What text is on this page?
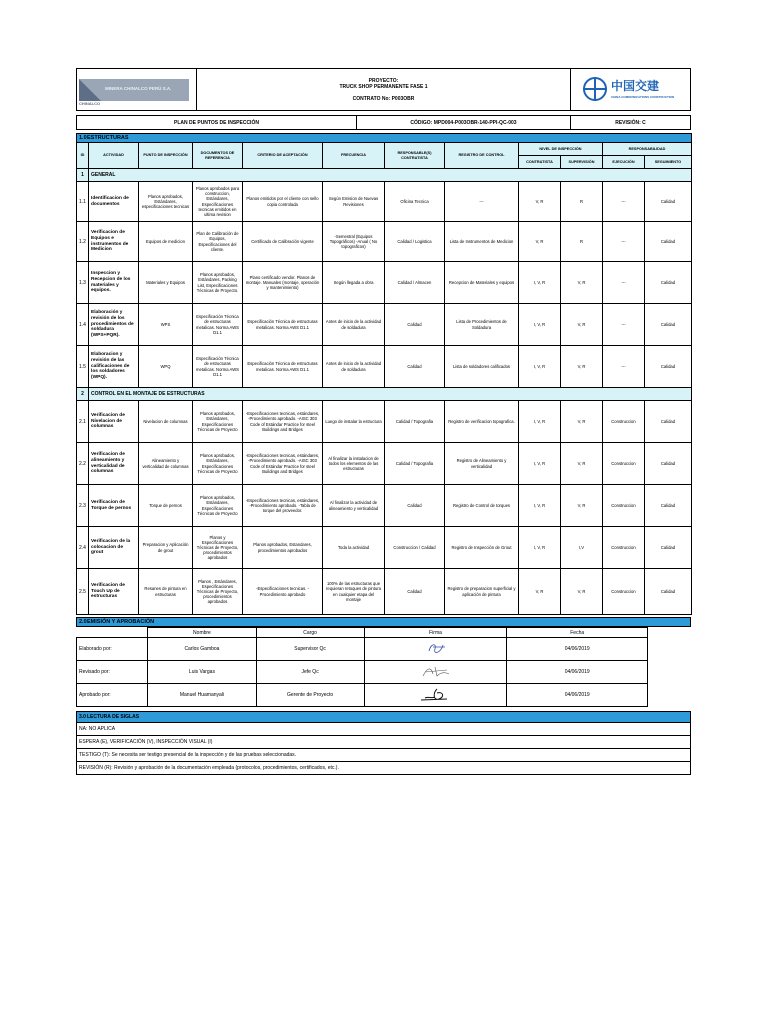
MINERA CHINALCO PERÚ S.A.
CHINALCO

PROYECTO:
TRUCK SHOP PERMANENTE FASE 1
CONTRATO No: P003OBR

中国交建
CHINA COMMUNICATIONS CONSTRUCTION
PLAN DE PUNTOS DE INSPECCIÓN	CÓDIGO: MPD004-P003OBR-140-PPI-QC-003	REVISIÓN: C
1.0ESTRUCTURAS											
ID	ACTIVIDAD	PUNTO DE INSPECCIÓN	DOCUMENTOS DE REFERENCIA	CRITERIO DE ACEPTACIÓN	FRECUENCIA	RESPONSABLE(S) CONTRATISTA	REGISTRO DE CONTROL	NIVEL DE INSPECCIÓN		RESPONSABILIDAD	
								CONTRATISTA	SUPERVISIÓN	EJECUCIÓN	SEGUIMIENTO
1	GENERAL										
1.1	Identificacion de documentos	Planos aprobados, Estándares, especificaciones tecnicas	Planos aprobados para construccion, Estándares, Especificaciones tecnicas emitidos en ultima revision	Planos emitidos por el cliente con sello copia controlada	Según Emision de Nuevas Revisiones	Oficina Tecnica	---	V, R	R	---	Calidad
1.2	Verificacion de Equipos e instrumentos de Medicion	Equipos de medicion	Plan de Calibración de Equipos, Especificaciones del cliente.	Certificado de Calibración vigente	-Semestral (Equipos Topográficos) -Anual ( No topograficos)	Calidad / Logistica	Lista de Instrumentos de Medicion	V, R	R	---	Calidad
1.3	Inspeccion y Recepcion de los materiales y equipos.	Materiales y Equipos	Planos aprobados, Estándares, Packing List, Especificaciones Técnicas de Proyecto.	Plano certificado vendor. Planos de montaje. Manuales (montaje, operación y mantenimiento)	Según llegada a obra	Calidad / Almacen	Recepcion de Materiales y equipos	I, V, R	V, R	---	Calidad
1.4	Elaboración y revisión de los procedimientos de soldadura (WPS+PQR).	WPS	Especificación Técnica de estructuras metalicas. Norma AWS D1.1	Especificación Técnica de estructuras metalicas. Norma AWS D1.1	Antes de inicio de la actividad de soldadura	Calidad	Lista de Procedimientos de Soldadura	I, V, R	V, R	---	Calidad
1.5	Elaboracion y revisión de las calificaciones de los soldadores (WPQ).	WPQ	Especificación Técnica de estructuras metalicas. Norma AWS D1.1	Especificación Técnica de estructuras metalicas. Norma AWS D1.1	Antes de inicio de la actividad de soldadura	Calidad	Lista de soldadores calificados	I, V, R	V, R	---	Calidad
2	CONTROL EN EL MONTAJE DE ESTRUCTURAS										
2.1	Verificacion de Nivelacion de columnas	Nivelacion de columnas	Planos aprobados, Estándares, Especificaciones Técnicas de Proyecto	-Especificaciones tecnicas, estándares, -Procedimiento aprobado. -AISC 303 Code of Estándar Practice for steel Buildings and Bridges	Luego de instalar la estructura	Calidad / Topografia	Registro de verificacion topografica.	I, V, R	V, R	Construccion	Calidad
2.2	Verificacion de alineamiento y verticalidad de columnas	Alineamiento y verticalidad de columnas	Planos aprobados, Estándares, Especificaciones Técnicas de Proyecto	-Especificaciones tecnicas, estándares, -Procedimiento aprobado. -AISC 303 Code of Estándar Practice for steel Buildings and Bridges	Al finalizar la instalacion de todos los elementos de las estructuras	Calidad / Topografia	Registro de Alineamiento y verticalidad	I, V, R	V, R	Construccion	Calidad
2.3	Verificacion de Torque de pernos	Torque de pernos	Planos aprobados, Estándares, Especificaciones Técnicas de Proyecto	-Especificaciones tecnicas, estándares, -Procedimiento aprobado. -Tabla de torque del proveedor.	Al finalizar la actividad de alineamiento y verticalidad	Calidad	Registro de Control de torques	I, V, R	V, R	Construccion	Calidad
2.4	Verificacion de la colocacion de grout	Preparacion y Aplicación de grout	Planos y Especificaciones Técnicas de Proyecto, procedimientos aprobados	Planos aprobados, Estandares, procedimientos aprobados	Toda la actividad	Construccion / Calidad	Registro de Inspección de Grout	I, V, R	I,V	Construccion	Calidad
2.5	Verificacion de Touch Up de estructuras	Resanes de pintura en estructuras	Planos , Estándares, Especificaciones Técnicas de Proyecto, procedimientos aprobados	-Especificaciones tecnicas. -Procedimiento aprobado	100% de las estructuras que requieran retoques de pintura en cualquier etapa del montaje	Calidad	Registro de preparacion superficial y aplicación de pintura	V, R	V, R	Construccion	Calidad
2.0EMISIÓN Y APROBACIÓN
	Nombre	Cargo	Firma	Fecha
Elaborado por:	Carlos Gamboa	Supervisor Qc		04/06/2019
Revisado por:	Luis Vargas	Jefe Qc		04/06/2019
Aprobado por:	Manuel Huamanyali	Gerente de Proyecto		04/06/2019
3.0LECTURA DE SIGLAS
NA: NO APLICA
ESPERA (E), VERIFICACIÓN (V), INSPECCIÓN VISUAL (I)
TESTIGO (T): Se necesita ser testigo presencial de la inspección y de las pruebas seleccionadas.
REVISIÓN (R): Revisión y aprobación de la documentación empleada (protocolos, procedimientos, certificados, etc.).
